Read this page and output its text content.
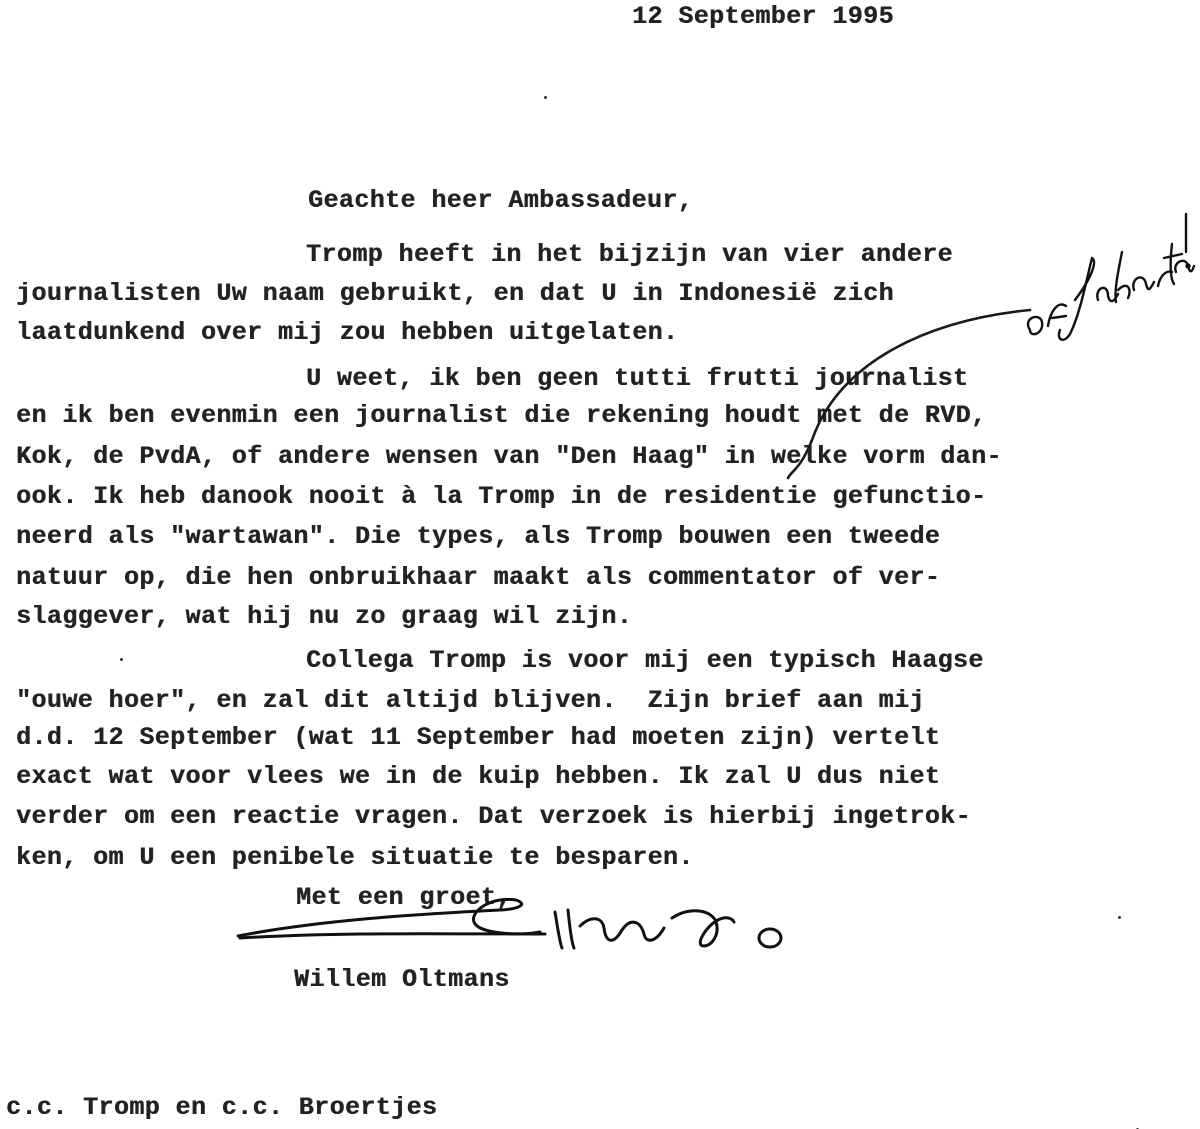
12 September 1995
Geachte heer Ambassadeur,
Tromp heeft in het bijzijn van vier andere
journalisten Uw naam gebruikt, en dat U in Indonesië zich
laatdunkend over mij zou hebben uitgelaten.
U weet, ik ben geen tutti frutti journalist
en ik ben evenmin een journalist die rekening houdt met de RVD,
Kok, de PvdA, of andere wensen van "Den Haag" in welke vorm dan-
ook. Ik heb danook nooit à la Tromp in de residentie gefunctio-
neerd als "wartawan". Die types, als Tromp bouwen een tweede
natuur op, die hen onbruikhaar maakt als commentator of ver-
slaggever, wat hij nu zo graag wil zijn.
Collega Tromp is voor mij een typisch Haagse
"ouwe hoer", en zal dit altijd blijven.  Zijn brief aan mij
d.d. 12 September (wat 11 September had moeten zijn) vertelt
exact wat voor vlees we in de kuip hebben. Ik zal U dus niet
verder om een reactie vragen. Dat verzoek is hierbij ingetrok-
ken, om U een penibele situatie te besparen.
Met een groet,
Willem Oltmans
c.c. Tromp en c.c. Broertjes
